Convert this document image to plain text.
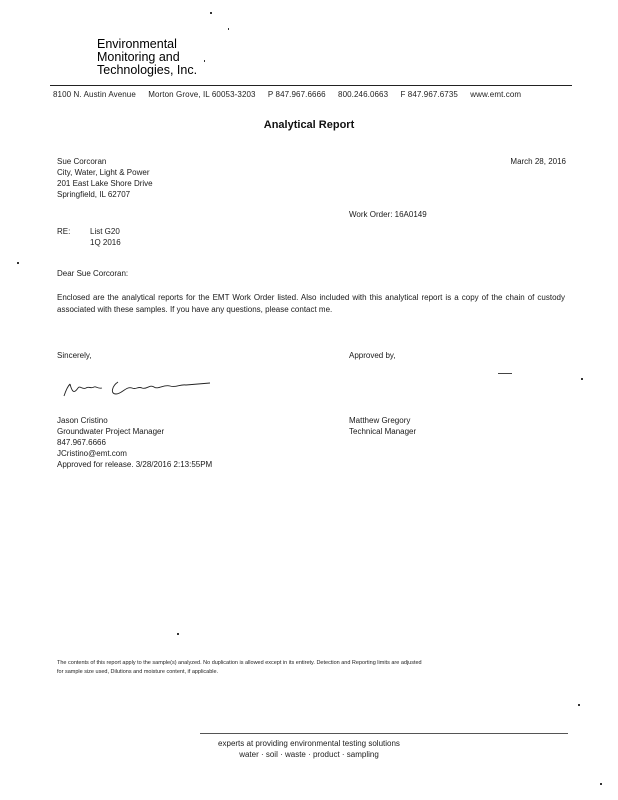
Environmental
Monitoring and
Technologies, Inc.
8100 N. Austin Avenue Morton Grove, IL 60053-3203 P 847.967.6666 800.246.0663 F 847.967.6735 www.emt.com
Analytical Report
Sue Corcoran
City, Water, Light & Power
201 East Lake Shore Drive
Springfield, IL 62707
March 28, 2016
Work Order: 16A0149
RE: List G20
1Q 2016
Dear Sue Corcoran:
Enclosed are the analytical reports for the EMT Work Order listed. Also included with this analytical report is a copy of the chain of custody associated with these samples. If you have any questions, please contact me.
Sincerely,	Approved by,
Jason Cristino
Groundwater Project Manager
847.967.6666
JCristino@emt.com
Approved for release. 3/28/2016 2:13:55PM
Matthew Gregory
Technical Manager
The contents of this report apply to the sample(s) analyzed. No duplication is allowed except in its entirety. Detection and Reporting limits are adjusted for sample size used, Dilutions and moisture content, if applicable.
experts at providing environmental testing solutions
water · soil · waste · product · sampling
